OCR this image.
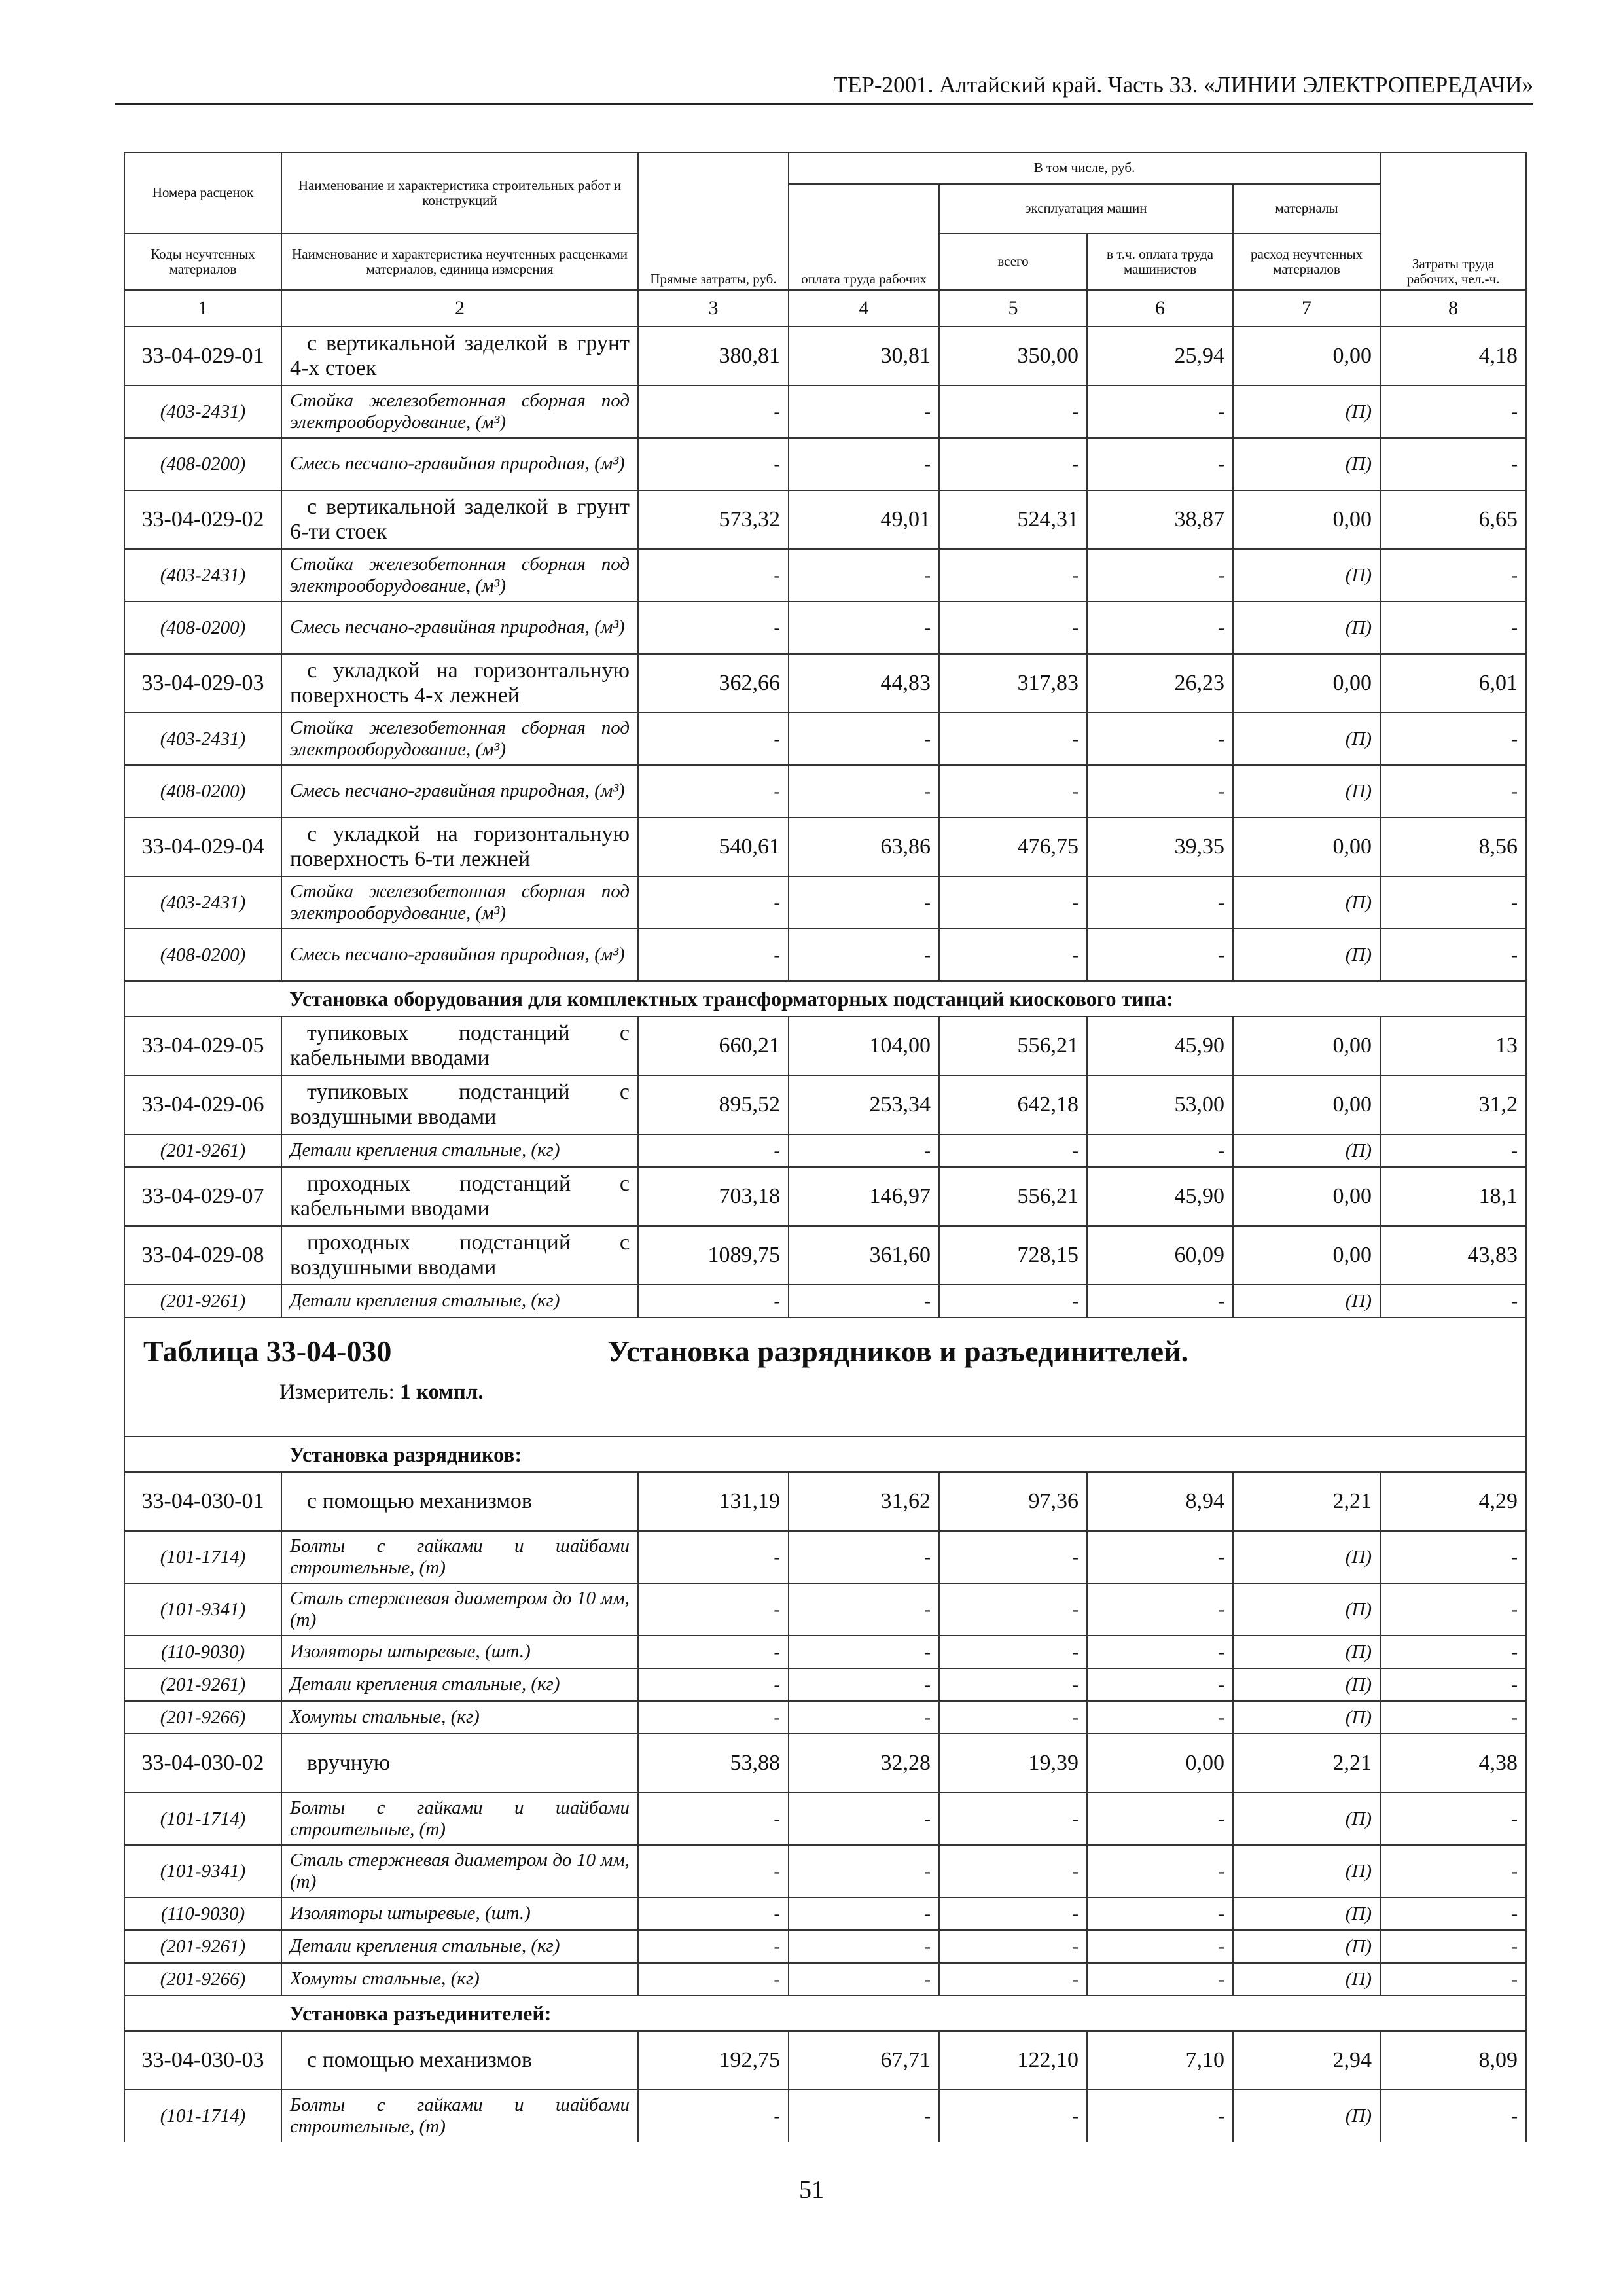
ТЕР-2001. Алтайский край. Часть 33. «ЛИНИИ ЭЛЕКТРОПЕРЕДАЧИ»
Номера расценок	Наименование и характеристика строительных работ и конструкций	Прямые затраты, руб.	В том числе, руб.				Затраты труда рабочих, чел.-ч.
			оплата труда рабочих	эксплуатация машин		материалы	
Коды неучтенных материалов	Наименование и характеристика неучтенных расценками материалов, единица измерения			всего	в т.ч. оплата труда машинистов	расход неучтенных материалов	
1	2	3	4	5	6	7	8
33-04-029-01	с вертикальной заделкой в грунт 4-х стоек	380,81	30,81	350,00	25,94	0,00	4,18
(403-2431)	Стойка железобетонная сборная под электрооборудование, (м³)	-	-	-	-	(П)	-
(408-0200)	Смесь песчано-гравийная природная, (м³)	-	-	-	-	(П)	-
33-04-029-02	с вертикальной заделкой в грунт 6-ти стоек	573,32	49,01	524,31	38,87	0,00	6,65
(403-2431)	Стойка железобетонная сборная под электрооборудование, (м³)	-	-	-	-	(П)	-
(408-0200)	Смесь песчано-гравийная природная, (м³)	-	-	-	-	(П)	-
33-04-029-03	с укладкой на горизонтальную поверхность 4-х лежней	362,66	44,83	317,83	26,23	0,00	6,01
(403-2431)	Стойка железобетонная сборная под электрооборудование, (м³)	-	-	-	-	(П)	-
(408-0200)	Смесь песчано-гравийная природная, (м³)	-	-	-	-	(П)	-
33-04-029-04	с укладкой на горизонтальную поверхность 6-ти лежней	540,61	63,86	476,75	39,35	0,00	8,56
(403-2431)	Стойка железобетонная сборная под электрооборудование, (м³)	-	-	-	-	(П)	-
(408-0200)	Смесь песчано-гравийная природная, (м³)	-	-	-	-	(П)	-
	Установка оборудования для комплектных трансформаторных подстанций киоскового типа:						
33-04-029-05	тупиковых подстанций с кабельными вводами	660,21	104,00	556,21	45,90	0,00	13
33-04-029-06	тупиковых подстанций с воздушными вводами	895,52	253,34	642,18	53,00	0,00	31,2
(201-9261)	Детали крепления стальные, (кг)	-	-	-	-	(П)	-
33-04-029-07	проходных подстанций с кабельными вводами	703,18	146,97	556,21	45,90	0,00	18,1
33-04-029-08	проходных подстанций с воздушными вводами	1089,75	361,60	728,15	60,09	0,00	43,83
(201-9261)	Детали крепления стальные, (кг)	-	-	-	-	(П)	-

Таблица 33-04-030 Установка разрядников и разъединителей.
Измеритель: 1 компл.							

	Установка разрядников:						
33-04-030-01	с помощью механизмов	131,19	31,62	97,36	8,94	2,21	4,29
(101-1714)	Болты с гайками и шайбами строительные, (т)	-	-	-	-	(П)	-
(101-9341)	Сталь стержневая диаметром до 10 мм, (т)	-	-	-	-	(П)	-
(110-9030)	Изоляторы штыревые, (шт.)	-	-	-	-	(П)	-
(201-9261)	Детали крепления стальные, (кг)	-	-	-	-	(П)	-
(201-9266)	Хомуты стальные, (кг)	-	-	-	-	(П)	-
33-04-030-02	вручную	53,88	32,28	19,39	0,00	2,21	4,38
(101-1714)	Болты с гайками и шайбами строительные, (т)	-	-	-	-	(П)	-
(101-9341)	Сталь стержневая диаметром до 10 мм, (т)	-	-	-	-	(П)	-
(110-9030)	Изоляторы штыревые, (шт.)	-	-	-	-	(П)	-
(201-9261)	Детали крепления стальные, (кг)	-	-	-	-	(П)	-
(201-9266)	Хомуты стальные, (кг)	-	-	-	-	(П)	-
	Установка разъединителей:						
33-04-030-03	с помощью механизмов	192,75	67,71	122,10	7,10	2,94	8,09
(101-1714)	Болты с гайками и шайбами строительные, (т)	-	-	-	-	(П)	-
51
